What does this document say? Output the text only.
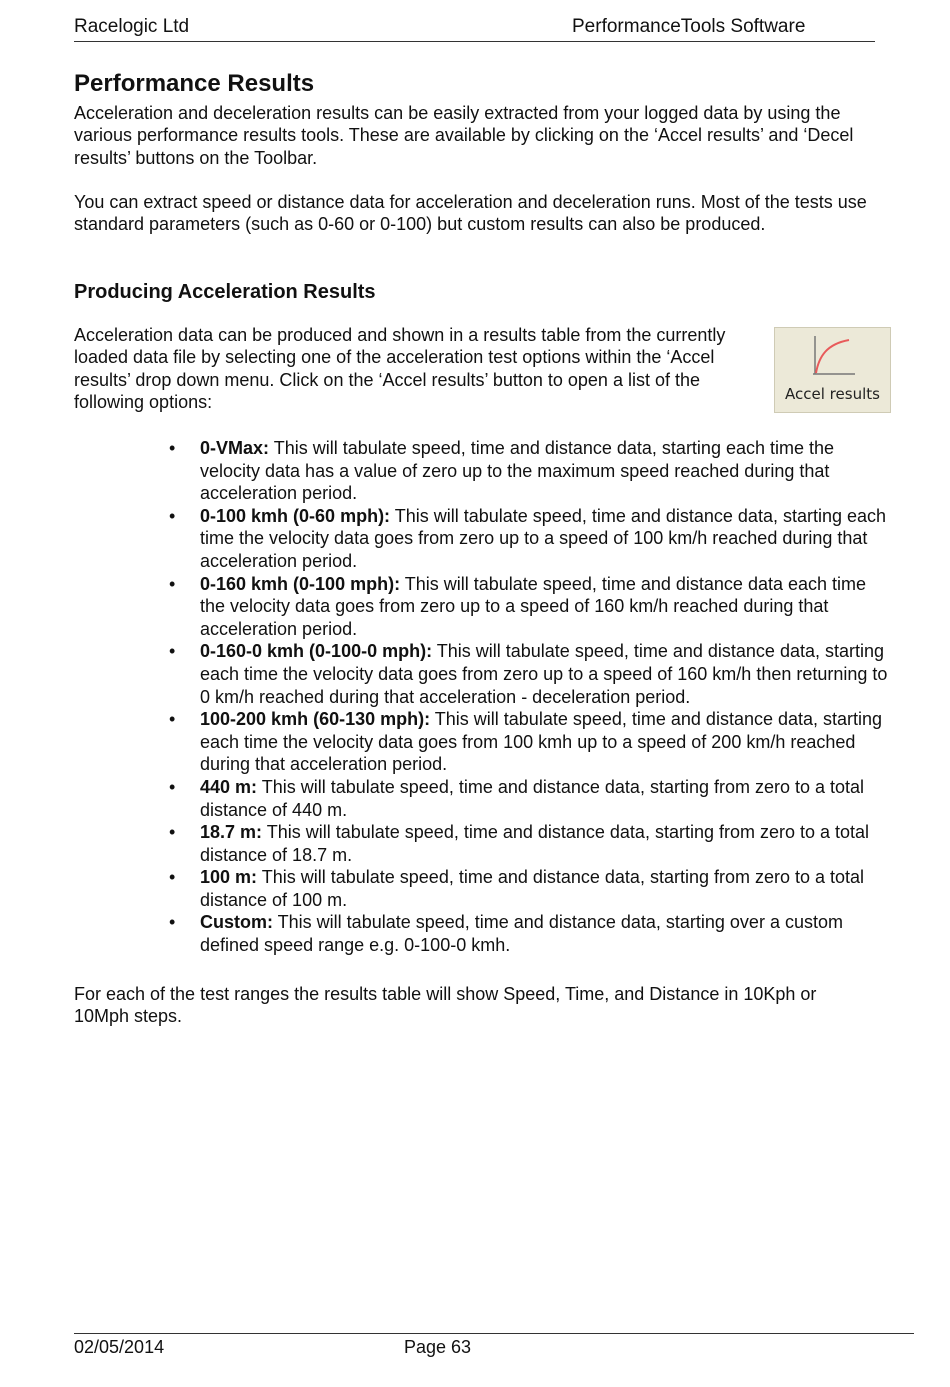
Racelogic Ltd	PerformanceTools Software
Performance Results

Acceleration and deceleration results can be easily extracted from your logged data by using the various performance results tools. These are available by clicking on the ‘Accel results’ and ‘Decel results’ buttons on the Toolbar.

You can extract speed or distance data for acceleration and deceleration runs. Most of the tests use standard parameters (such as 0-60 or 0-100) but custom results can also be produced.

Producing Acceleration Results

Acceleration data can be produced and shown in a results table from the currently loaded data file by selecting one of the acceleration test options within the ‘Accel results’ drop down menu. Click on the ‘Accel results’ button to open a list of the following options:	Accel results
• 0-VMax: This will tabulate speed, time and distance data, starting each time the velocity data has a value of zero up to the maximum speed reached during that acceleration period.
• 0-100 kmh (0-60 mph): This will tabulate speed, time and distance data, starting each time the velocity data goes from zero up to a speed of 100 km/h reached during that acceleration period.
• 0-160 kmh (0-100 mph): This will tabulate speed, time and distance data each time the velocity data goes from zero up to a speed of 160 km/h reached during that acceleration period.
• 0-160-0 kmh (0-100-0 mph): This will tabulate speed, time and distance data, starting each time the velocity data goes from zero up to a speed of 160 km/h then returning to 0 km/h reached during that acceleration - deceleration period.
• 100-200 kmh (60-130 mph): This will tabulate speed, time and distance data, starting each time the velocity data goes from 100 kmh up to a speed of 200 km/h reached during that acceleration period.
• 440 m: This will tabulate speed, time and distance data, starting from zero to a total distance of 440 m.
• 18.7 m: This will tabulate speed, time and distance data, starting from zero to a total distance of 18.7 m.
• 100 m: This will tabulate speed, time and distance data, starting from zero to a total distance of 100 m.
• Custom: This will tabulate speed, time and distance data, starting over a custom defined speed range e.g. 0-100-0 kmh.

For each of the test ranges the results table will show Speed, Time, and Distance in 10Kph or 10Mph steps.

02/05/2014	Page 63
